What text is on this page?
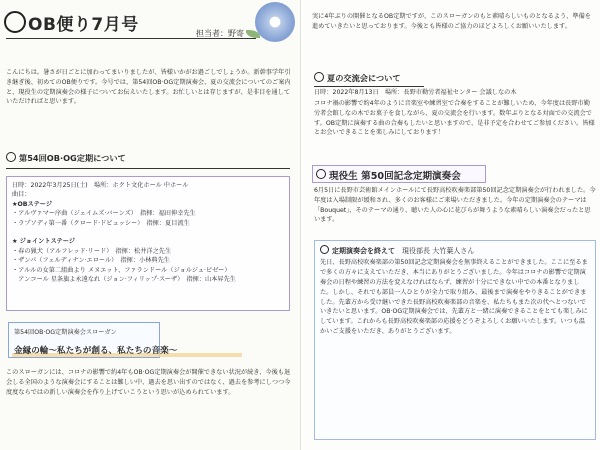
OB便り7月号	担当者：野寄

こんにちは。暑さが日ごとに加わってまいりましたが、皆様いかがお過ごしでしょうか。新幹事学年引き継ぎ後、初めてのOB便りです。今号では、第54回OB·OG定期演奏会、夏の交流会についてのご案内と、現役生の定期演奏会の様子についてお伝えいたします。お忙しいとは存じますが、是非目を通していただければと思います。

第54回OB·OG定期について

日時：2022年3月25日(土)　場所：ホクト文化ホール 中ホール

曲目：

★OBステージ

・アルヴァマー序曲（ジェイムズ·バーンズ）　指揮：福田伸幸先生

・ラプソディ第一番（クロード·ドビュッシー）　指揮：夏目流生

★ ジョイントステージ

・春の猟犬（アルフレッド·リード）　指揮：松井洋之先生

・ザンパ（フェルディナン·エロール）　指揮：小林典先生

・アルルの女第二組曲より メヌエット、ファランドール（ジョルジュ·ビゼー）

　アンコール 星条旗よ永遠なれ（ジョン·フィリップ·スーザ）　指揮：山本昇先生

第54回OB·OG定期演奏会スローガン

金縁の輪〜私たちが創る、私たちの音楽〜

このスローガンには、コロナの影響で約4年もOB·OG定期演奏会が開催できない状況が続き、今後も退会しる全国のような演奏会にすることは難しい中、過去を思い出すのではなく、過去を参考にしつつ今度度ならではの新しい演奏会を作り上げていこうという思いが込められています。

実に4年ぶりの開催となるOB定期ですが、このスローガンのもと素晴らしいものとなるよう、準備を進めていきたいと思っております。今後とも皆様のご協力のほどよろしくお願いいたします。

夏の交流会について

日時：2022年8月13日　場所：長野市勤労者福祉センター 会議しなの木

コロナ禍の影響で約4年のように音楽室や練習室で合奏をすることが難しいため、今年度は長野市勤労者会館しなの木でお菓子を食しながら、夏の交流会を行います。数年ぶりとなる対面での交流会です。OB定期に演奏する曲の合奏もしたいと思いますので、是非予定を合わせてご参加ください。皆様とお会いできることを楽しみにしております！

現役生 第50回記念定期演奏会

6月5日に長野市芸術館メインホールにて長野高校吹奏楽部第50回記念定期演奏会が行われました。今年度は入場制限が緩和され、多くのお客様にご来場いただきました。今年の定期演奏会のテーマは「Bouquet」、そのテーマの通り、聴いた人の心に花びらが舞うような素晴らしい演奏会だったと思います。

定期演奏会を終えて　 現役部長 大竹葉人さん

先日、長野高校吹奏楽部の第50回記念定期演奏会を無事終えることができました。ここに至るまで多くの方々に支えていただき、本当にありがとうございました。今年はコロナの影響で定期演奏会の日程や練習の方法を変えなければならず、練習が十分にできない中での本番となりました。しかし、それでも部員一人ひとりが全力で取り組み、最後まで演奏をやりきることができました。先輩方から受け継いできた長野高校吹奏楽部の音楽を、私たちもまた次の代へとつないでいきたいと思います。OB·OG定期演奏会では、先輩方と一緒に演奏できることをとても楽しみにしています。これからも長野高校吹奏楽部の応援をどうぞよろしくお願いいたします。いつも温かいご支援をいただき、ありがとうございます。
